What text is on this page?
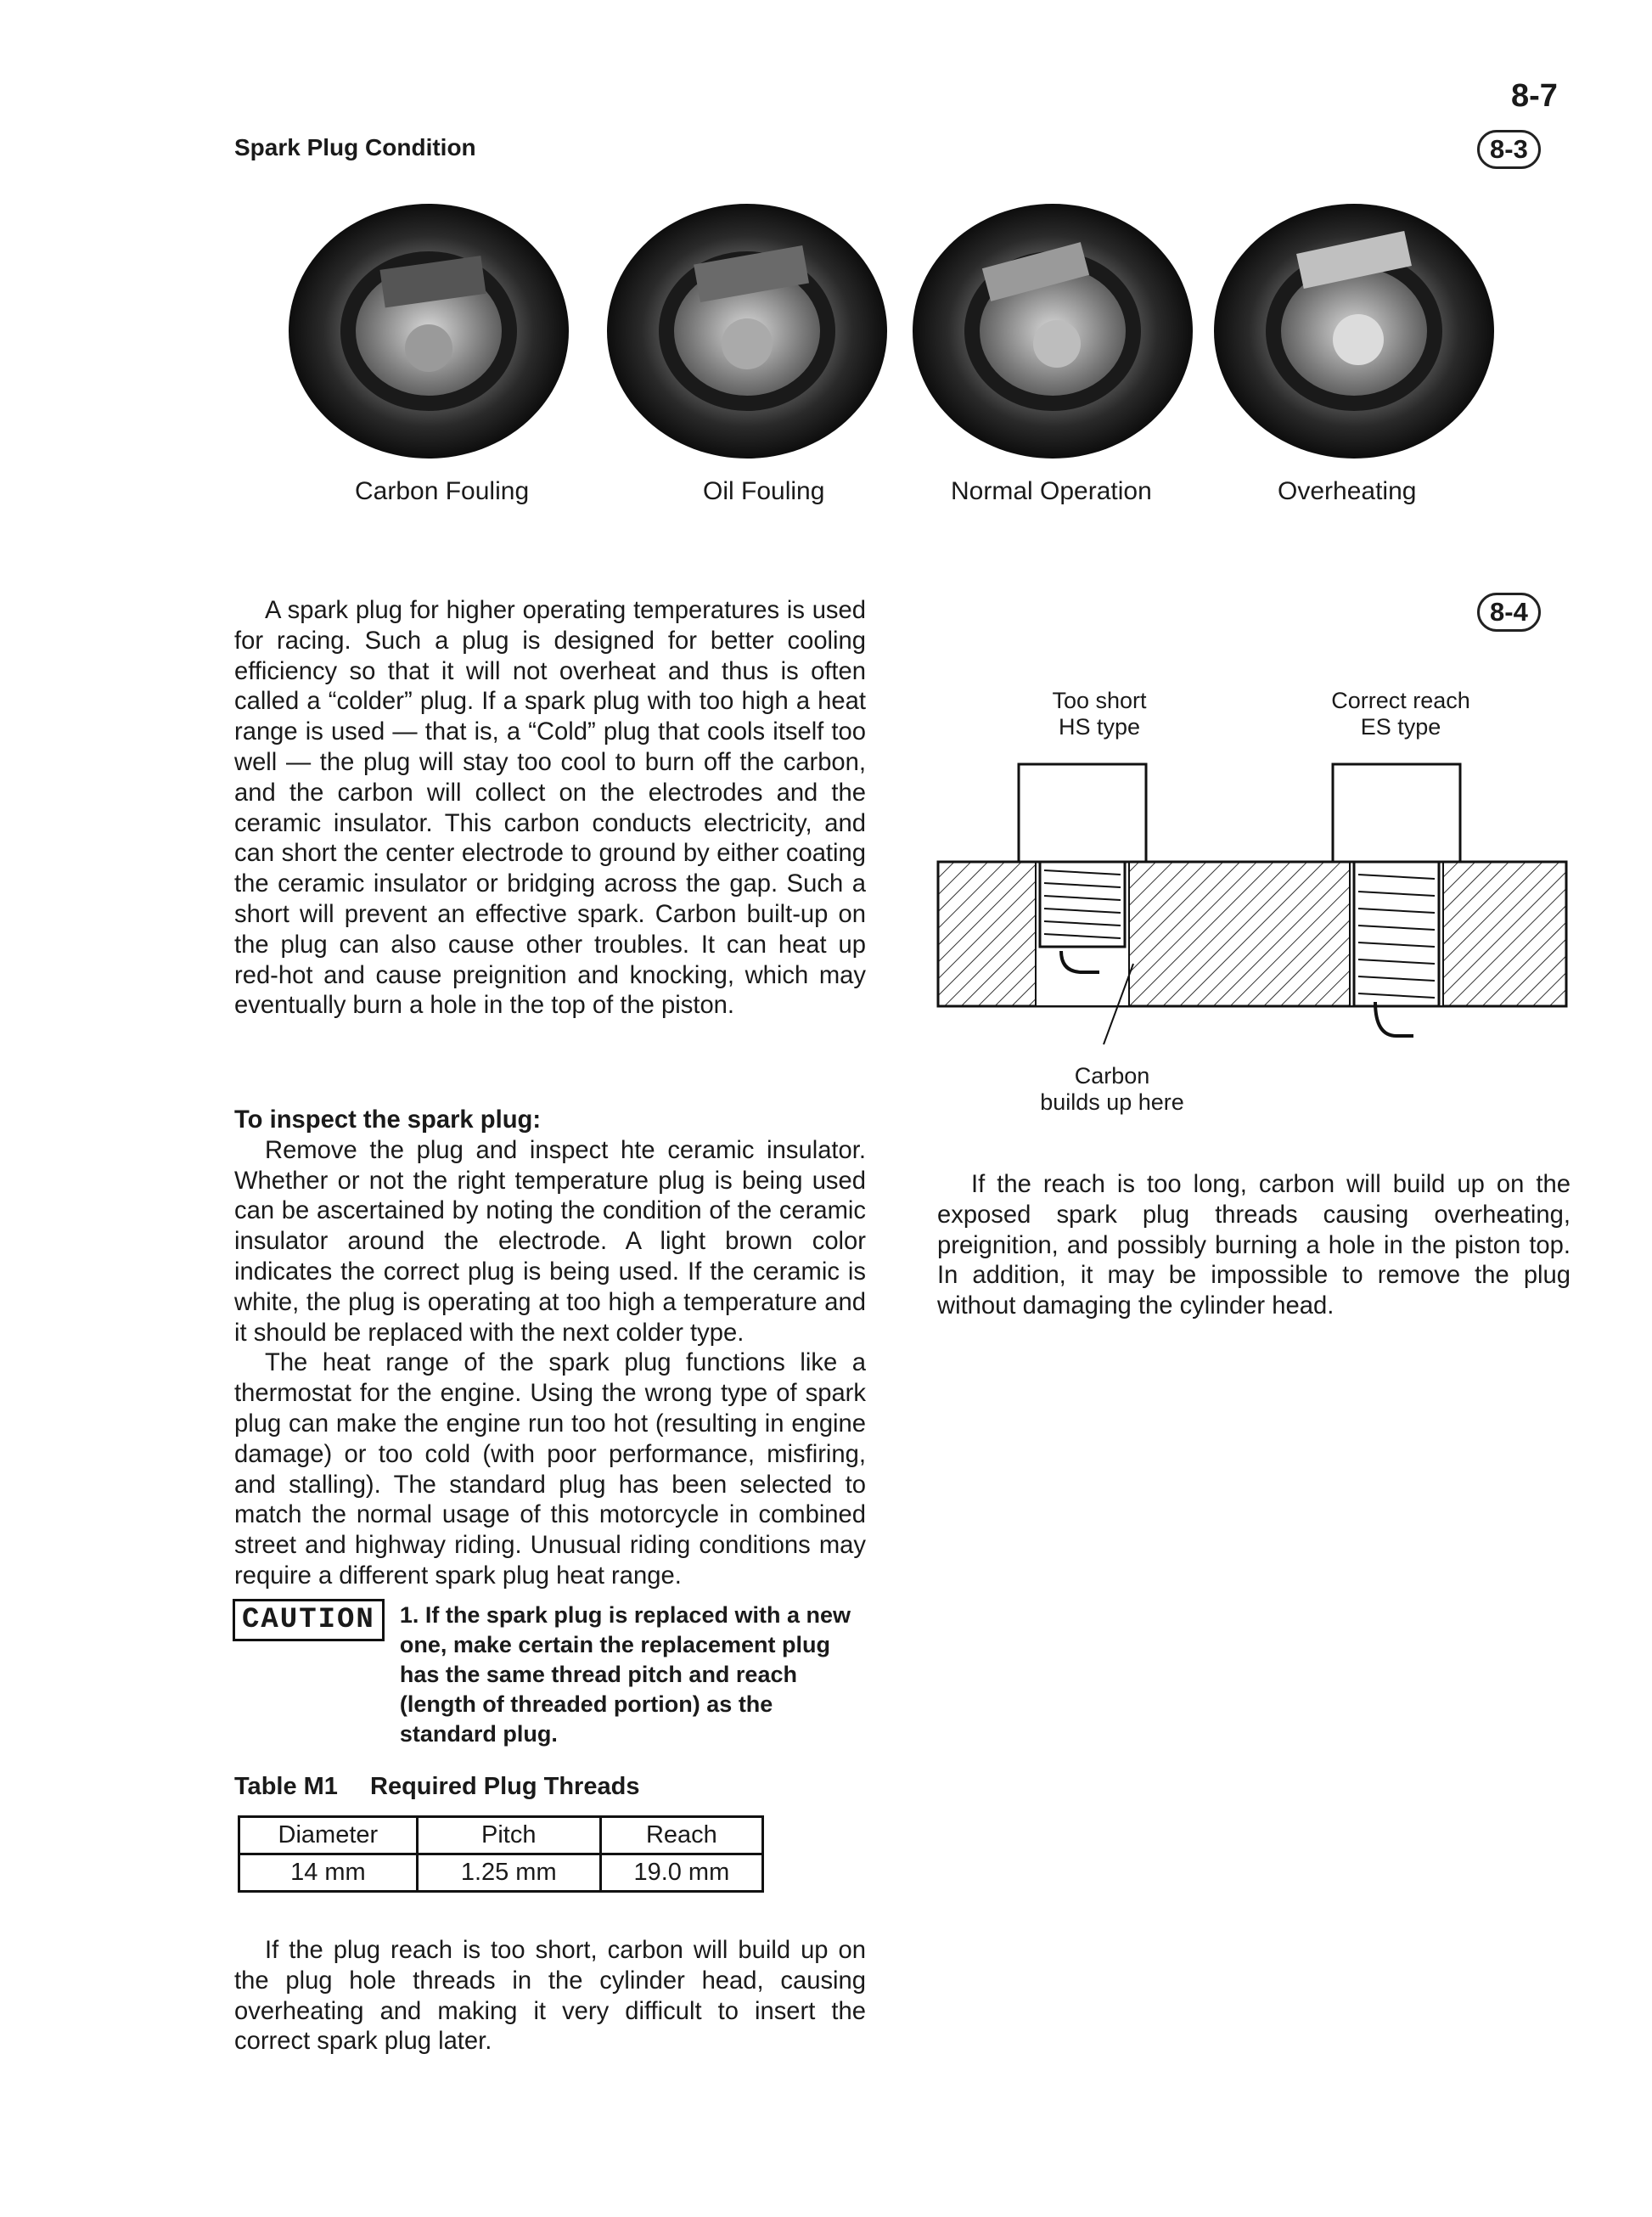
8-7
Spark Plug Condition	8-3
Carbon Fouling	Oil Fouling	Normal Operation	Overheating

A spark plug for higher operating temperatures is used for racing. Such a plug is designed for better cooling efficiency so that it will not overheat and thus is often called a “colder” plug. If a spark plug with too high a heat range is used — that is, a “Cold” plug that cools itself too well — the plug will stay too cool to burn off the carbon, and the carbon will collect on the electrodes and the ceramic insulator. This carbon conducts electricity, and can short the center electrode to ground by either coating the ceramic insulator or bridging across the gap. Such a short will prevent an effective spark. Carbon built-up on the plug can also cause other troubles. It can heat up red-hot and cause preignition and knocking, which may eventually burn a hole in the top of the piston.

To inspect the spark plug:

Remove the plug and inspect hte ceramic insulator. Whether or not the right temperature plug is being used can be ascertained by noting the condition of the ceramic insulator around the electrode. A light brown color indicates the correct plug is being used. If the ceramic is white, the plug is operating at too high a temperature and it should be replaced with the next colder type.

The heat range of the spark plug functions like a thermostat for the engine. Using the wrong type of spark plug can make the engine run too hot (resulting in engine damage) or too cold (with poor performance, misfiring, and stalling). The standard plug has been selected to match the normal usage of this motorcycle in combined street and highway riding. Unusual riding conditions may require a different spark plug heat range.

CAUTION	1. If the spark plug is replaced with a new one, make certain the replacement plug has the same thread pitch and reach (length of threaded portion) as the standard plug.
Table M1 Required Plug Threads
Diameter	Pitch	Reach
14 mm	1.25 mm	19.0 mm

If the plug reach is too short, carbon will build up on the plug hole threads in the cylinder head, causing overheating and making it very difficult to insert the correct spark plug later.

8-4
Too short
HS type
Correct reach
ES type
Carbon
builds up here

If the reach is too long, carbon will build up on the exposed spark plug threads causing overheating, preignition, and possibly burning a hole in the piston top. In addition, it may be impossible to remove the plug without damaging the cylinder head.
